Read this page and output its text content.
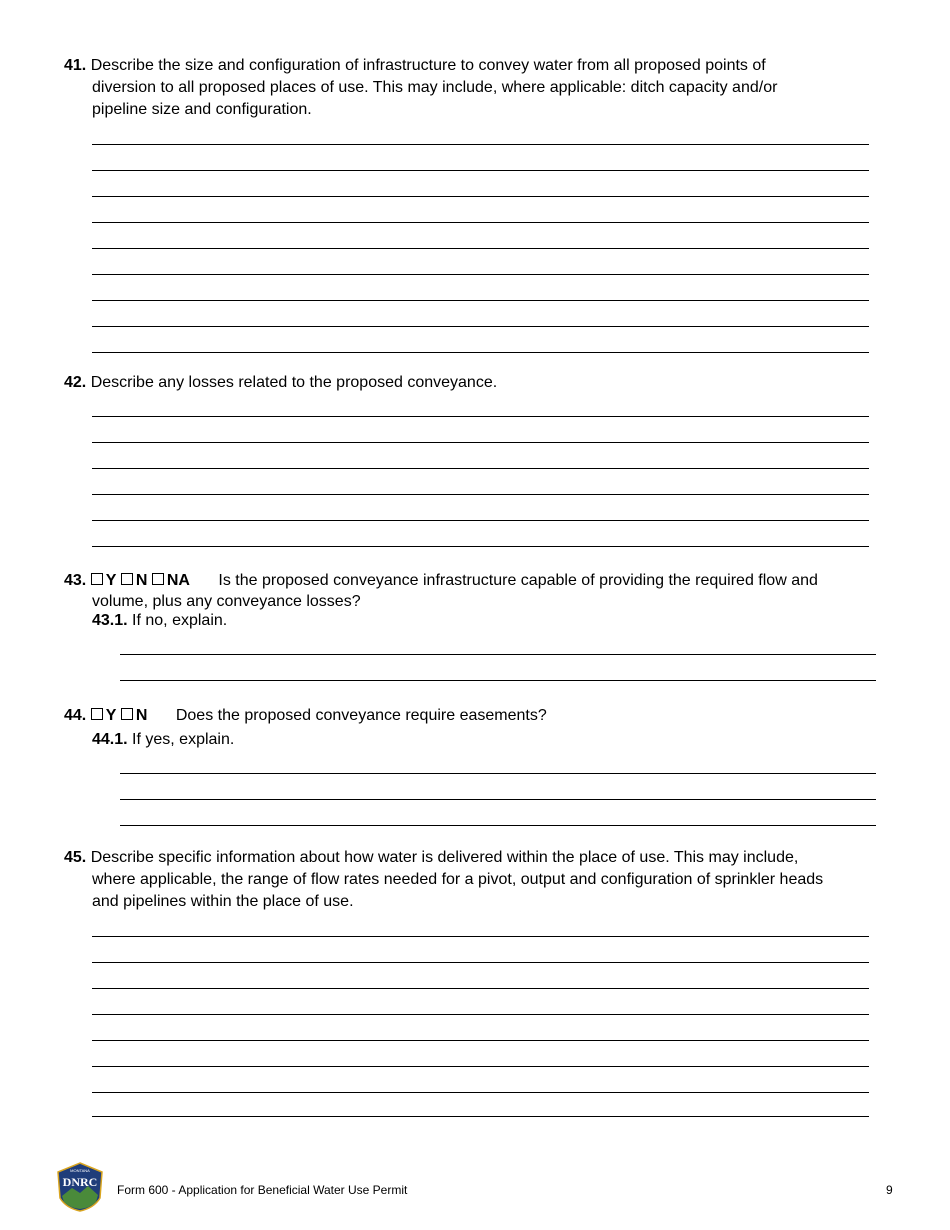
41. Describe the size and configuration of infrastructure to convey water from all proposed points of
diversion to all proposed places of use. This may include, where applicable: ditch capacity and/or
pipeline size and configuration.
42. Describe any losses related to the proposed conveyance.
43. Y N NA Is the proposed conveyance infrastructure capable of providing the required flow and
volume, plus any conveyance losses?
43.1. If no, explain.
44. Y N Does the proposed conveyance require easements?
44.1. If yes, explain.
45. Describe specific information about how water is delivered within the place of use. This may include,
where applicable, the range of flow rates needed for a pivot, output and configuration of sprinkler heads
and pipelines within the place of use.
MONTANA
DNRC
Form 600 - Application for Beneficial Water Use Permit	9
